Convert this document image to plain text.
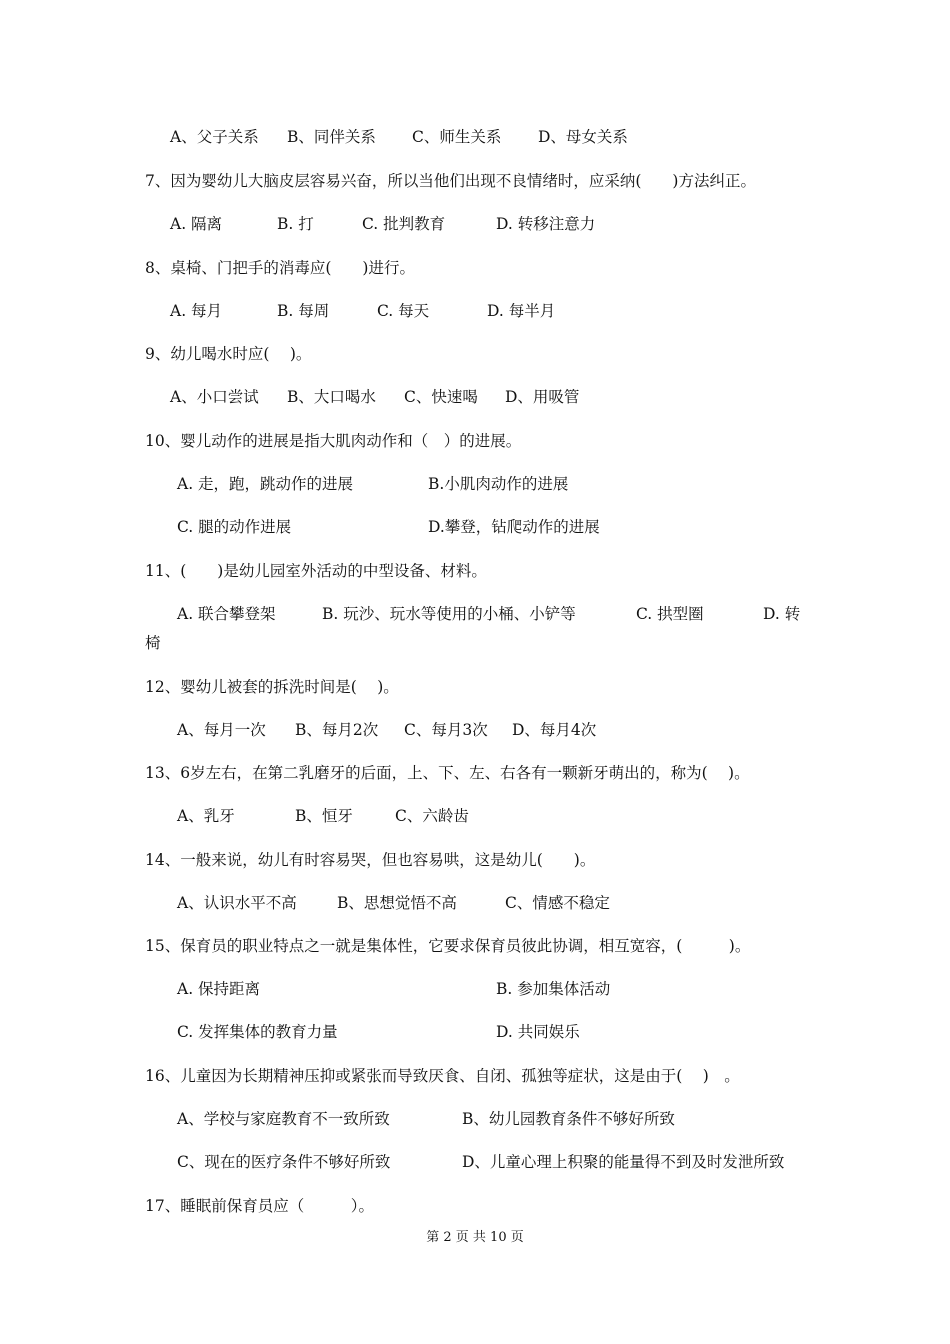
A、父子关系 B、同伴关系 C、师生关系 D、母女关系
7、因为婴幼儿大脑皮层容易兴奋，所以当他们出现不良情绪时，应采纳(　　)方法纠正。
A. 隔离	B. 打	C. 批判教育	D. 转移注意力
8、桌椅、门把手的消毒应(　　)进行。
A. 每月	B. 每周	C. 每天	D. 每半月
9、幼儿喝水时应(　 )。
A、小口尝试 B、大口喝水 C、快速喝 D、用吸管
10、婴儿动作的进展是指大肌肉动作和（　）的进展。
A. 走，跑，跳动作的进展	B.小肌肉动作的进展
C. 腿的动作进展	D.攀登，钻爬动作的进展
11、(　　)是幼儿园室外活动的中型设备、材料。
A. 联合攀登架	B. 玩沙、玩水等使用的小桶、小铲等	C. 拱型圈	D. 转
椅
12、婴幼儿被套的拆洗时间是(　 )。
A、每月一次 B、每月2次 C、每月3次 D、每月4次
13、6岁左右，在第二乳磨牙的后面，上、下、左、右各有一颗新牙萌出的，称为(　 )。
A、乳牙	B、恒牙	C、六龄齿
14、一般来说，幼儿有时容易哭，但也容易哄，这是幼儿(　　)。
A、认识水平不高	B、思想觉悟不高	C、情感不稳定
15、保育员的职业特点之一就是集体性，它要求保育员彼此协调，相互宽容，(　　　)。
A. 保持距离	B. 参加集体活动
C. 发挥集体的教育力量	D. 共同娱乐
16、儿童因为长期精神压抑或紧张而导致厌食、自闭、孤独等症状，这是由于(　 )　。
A、学校与家庭教育不一致所致	B、幼儿园教育条件不够好所致
C、现在的医疗条件不够好所致	D、儿童心理上积聚的能量得不到及时发泄所致
17、睡眠前保育员应（　　　）。
第 2 页 共 10 页
